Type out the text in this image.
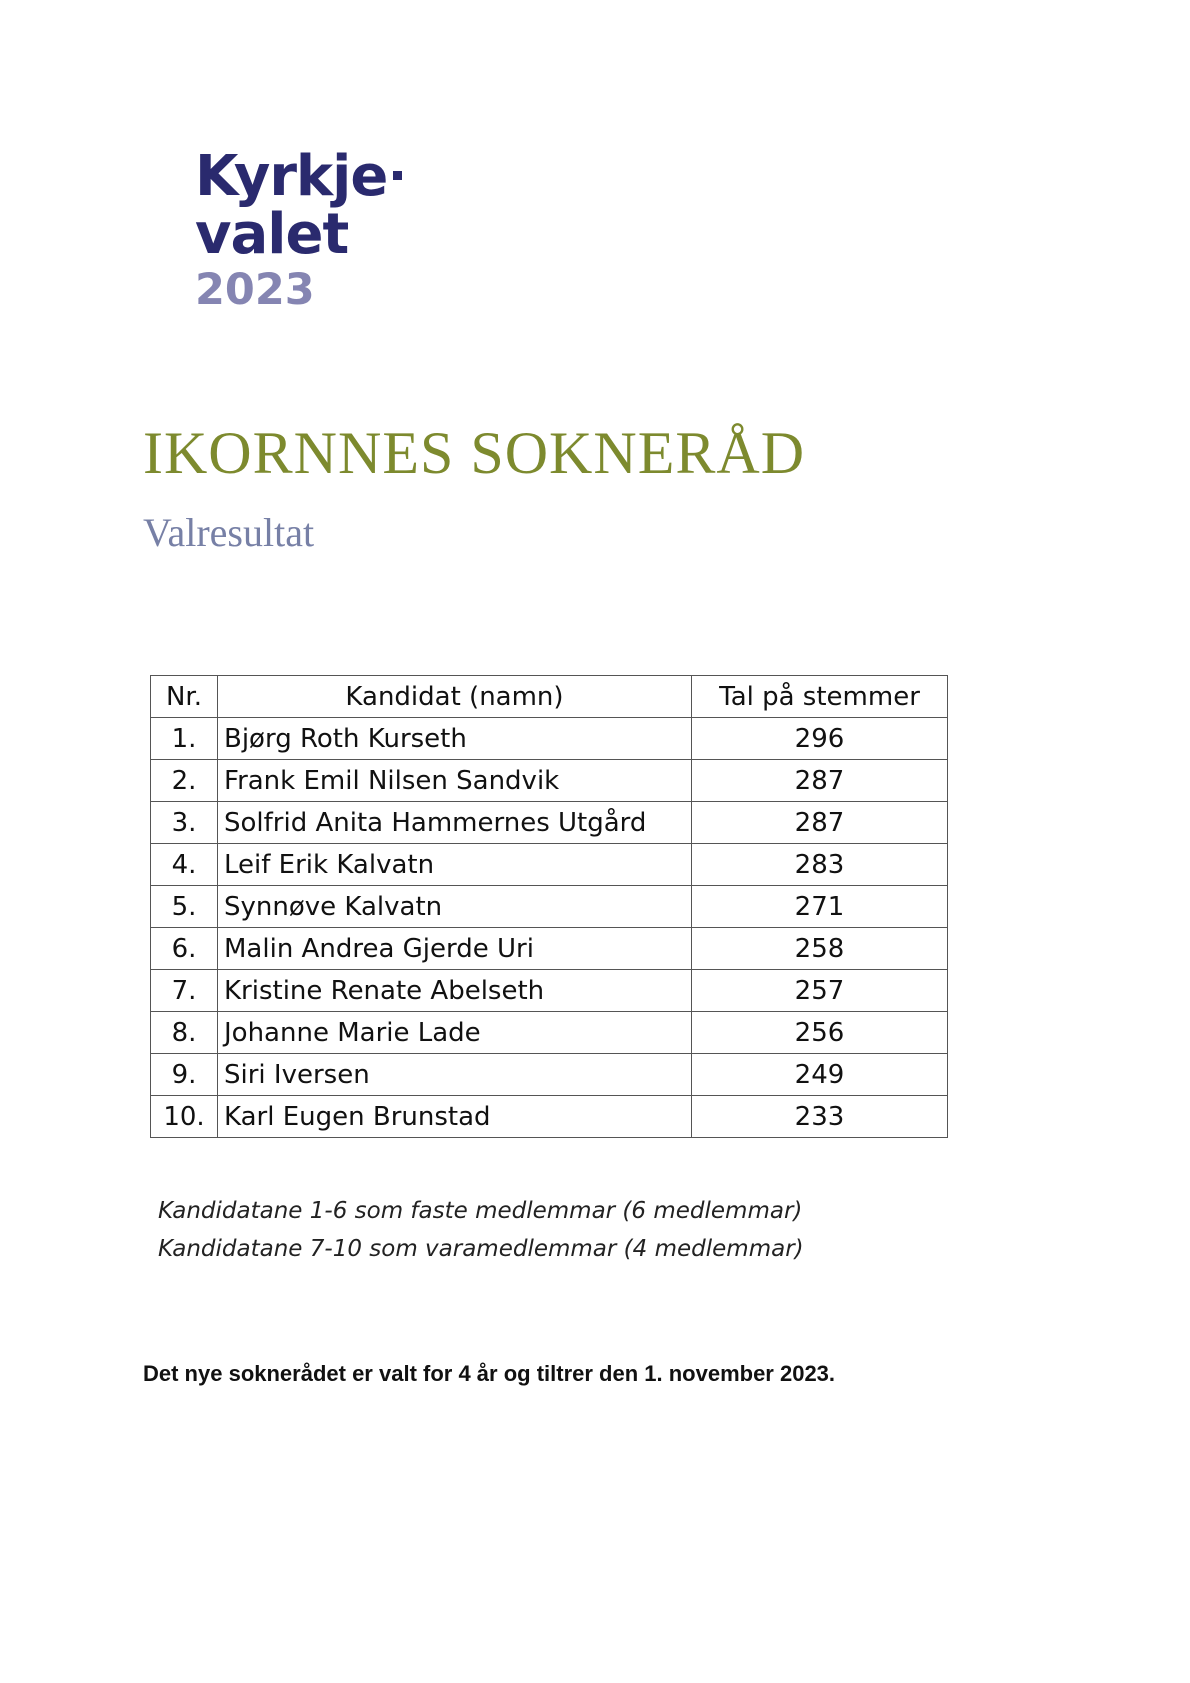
Kyrkje
valet
2023
IKORNNES SOKNERÅD
Valresultat
Nr.	Kandidat (namn)	Tal på stemmer
1.	Bjørg Roth Kurseth	296
2.	Frank Emil Nilsen Sandvik	287
3.	Solfrid Anita Hammernes Utgård	287
4.	Leif Erik Kalvatn	283
5.	Synnøve Kalvatn	271
6.	Malin Andrea Gjerde Uri	258
7.	Kristine Renate Abelseth	257
8.	Johanne Marie Lade	256
9.	Siri Iversen	249
10.	Karl Eugen Brunstad	233
Kandidatane 1-6 som faste medlemmar (6 medlemmar)
Kandidatane 7-10 som varamedlemmar (4 medlemmar)
Det nye soknerådet er valt for 4 år og tiltrer den 1. november 2023.
